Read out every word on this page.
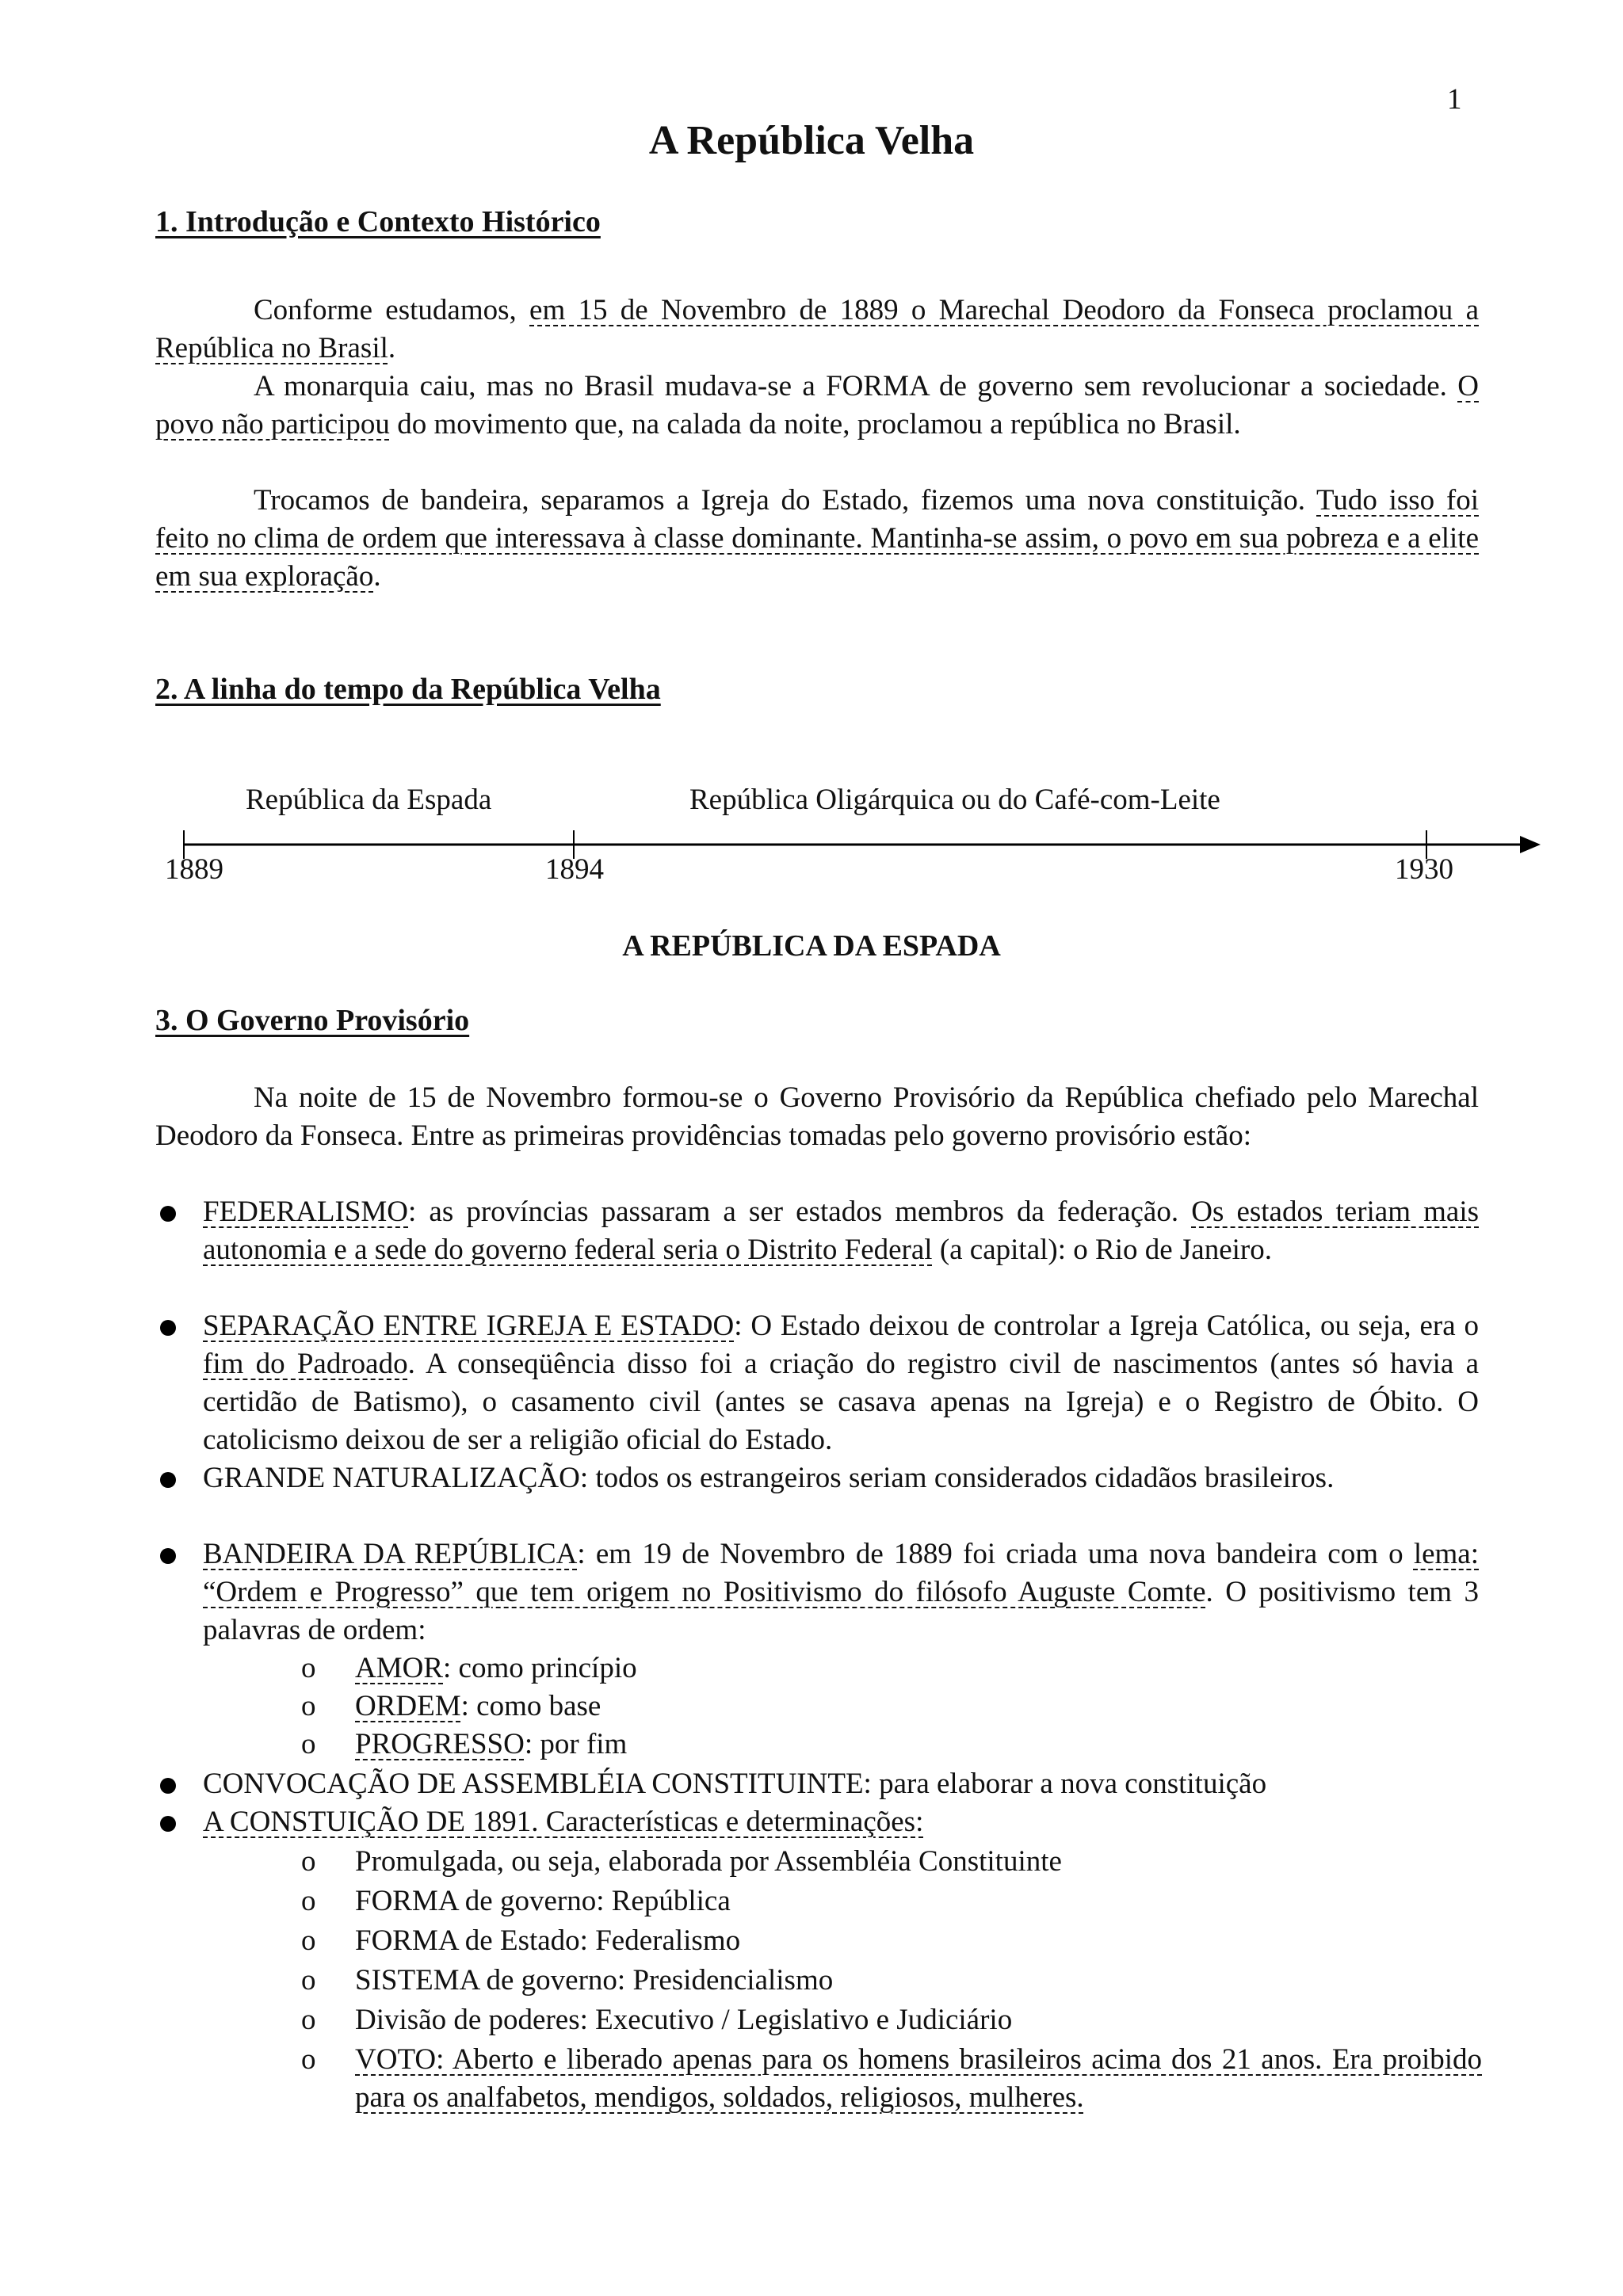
1
A República Velha
1. Introdução e Contexto Histórico

Conforme estudamos, em 15 de Novembro de 1889 o Marechal Deodoro da Fonseca proclamou a República no Brasil.

A monarquia caiu, mas no Brasil mudava-se a FORMA de governo sem revolucionar a sociedade. O povo não participou do movimento que, na calada da noite, proclamou a república no Brasil.

Trocamos de bandeira, separamos a Igreja do Estado, fizemos uma nova constituição. Tudo isso foi feito no clima de ordem que interessava à classe dominante. Mantinha-se assim, o povo em sua pobreza e a elite em sua exploração.

2. A linha do tempo da República Velha
República da Espada	República Oligárquica ou do Café-com-Leite
1889	1894	1930
A REPÚBLICA DA ESPADA
3. O Governo Provisório

Na noite de 15 de Novembro formou-se o Governo Provisório da República chefiado pelo Marechal Deodoro da Fonseca. Entre as primeiras providências tomadas pelo governo provisório estão:

FEDERALISMO: as províncias passaram a ser estados membros da federação. Os estados teriam mais autonomia e a sede do governo federal seria o Distrito Federal (a capital): o Rio de Janeiro.
SEPARAÇÃO ENTRE IGREJA E ESTADO: O Estado deixou de controlar a Igreja Católica, ou seja, era o fim do Padroado. A conseqüência disso foi a criação do registro civil de nascimentos (antes só havia a certidão de Batismo), o casamento civil (antes se casava apenas na Igreja) e o Registro de Óbito. O catolicismo deixou de ser a religião oficial do Estado.
GRANDE NATURALIZAÇÃO: todos os estrangeiros seriam considerados cidadãos brasileiros.
BANDEIRA DA REPÚBLICA: em 19 de Novembro de 1889 foi criada uma nova bandeira com o lema: “Ordem e Progresso” que tem origem no Positivismo do filósofo Auguste Comte. O positivismo tem 3 palavras de ordem:
o AMOR: como princípio
o ORDEM: como base
o PROGRESSO: por fim
CONVOCAÇÃO DE ASSEMBLÉIA CONSTITUINTE: para elaborar a nova constituição
A CONSTUIÇÃO DE 1891. Características e determinações:
o Promulgada, ou seja, elaborada por Assembléia Constituinte
o FORMA de governo: República
o FORMA de Estado: Federalismo
o SISTEMA de governo: Presidencialismo
o Divisão de poderes: Executivo / Legislativo e Judiciário
o VOTO: Aberto e liberado apenas para os homens brasileiros acima dos 21 anos. Era proibido para os analfabetos, mendigos, soldados, religiosos, mulheres.
